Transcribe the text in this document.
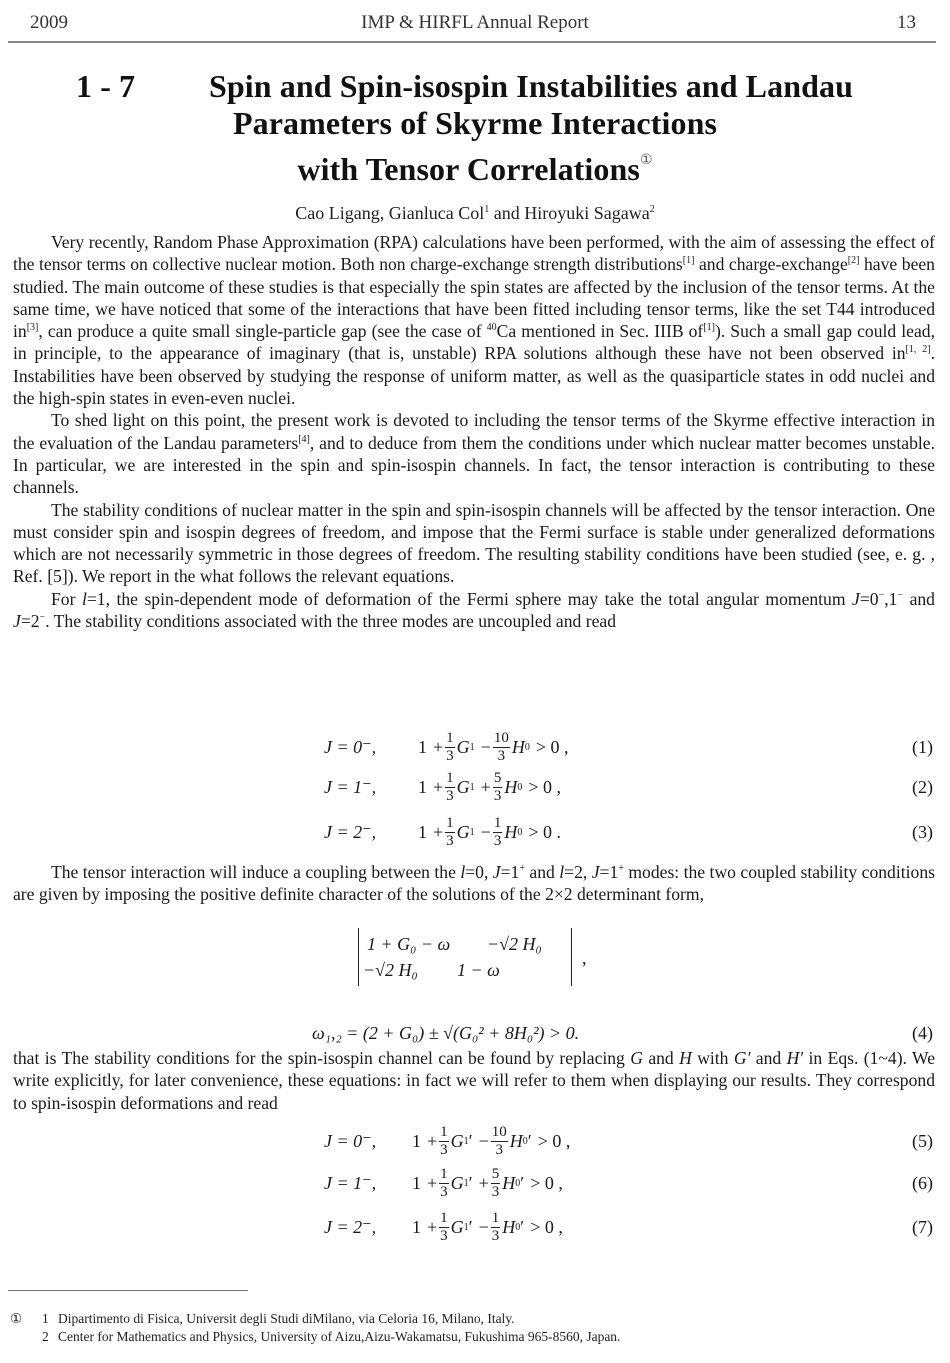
2009	IMP & HIRFL Annual Report	13
1 - 7 Spin and Spin-isospin Instabilities and Landau
Parameters of Skyrme Interactions
with Tensor Correlations①
Cao Ligang, Gianluca Col$^1$ and Hiroyuki Sagawa$^2$

Very recently, Random Phase Approximation (RPA) calculations have been performed, with the aim of assessing the effect of the tensor terms on collective nuclear motion. Both non charge-exchange strength distributions[1] and charge-exchange[2] have been studied. The main outcome of these studies is that especially the spin states are affected by the inclusion of the tensor terms. At the same time, we have noticed that some of the interactions that have been fitted including tensor terms, like the set T44 introduced in[3], can produce a quite small single-particle gap (see the case of $^{40}$Ca mentioned in Sec. IIIB of[1]). Such a small gap could lead, in principle, to the appearance of imaginary (that is, unstable) RPA solutions although these have not been observed in[1, 2]. Instabilities have been observed by studying the response of uniform matter, as well as the quasiparticle states in odd nuclei and the high-spin states in even-even nuclei.

To shed light on this point, the present work is devoted to including the tensor terms of the Skyrme effective interaction in the evaluation of the Landau parameters[4], and to deduce from them the conditions under which nuclear matter becomes unstable. In particular, we are interested in the spin and spin-isospin channels. In fact, the tensor interaction is contributing to these channels.

The stability conditions of nuclear matter in the spin and spin-isospin channels will be affected by the tensor interaction. One must consider spin and isospin degrees of freedom, and impose that the Fermi surface is stable under generalized deformations which are not necessarily symmetric in those degrees of freedom. The resulting stability conditions have been studied (see, e. g. , Ref. [5]). We report in the what follows the relevant equations.

For l=1, the spin-dependent mode of deformation of the Fermi sphere may take the total angular momentum J=0−,1− and J=2−. The stability conditions associated with the three modes are uncoupled and read

J = 0⁻, $1 + \frac{1}{3}$ G $1 - \frac{10}{3}$ H 0 > 0 ,	(1)
J = 1⁻, $1 + \frac{1}{3}$ G $1 + \frac{5}{3}$ H 0 > 0 ,	(2)
J = 2⁻, $1 + \frac{1}{3}$ G $1 - \frac{1}{3}$ H 0 > 0 .	(3)

The tensor interaction will induce a coupling between the l=0, J=1+ and l=2, J=1+ modes: the two coupled stability conditions are given by imposing the positive definite character of the solutions of the 2×2 determinant form,

1 + G₀ − ω −√2 H₀
−√2 H₀ 1 − ω
,
ω₁,₂ = (2 + G₀) ± √(G₀² + 8H₀²) > 0.	(4)

that is The stability conditions for the spin-isospin channel can be found by replacing G and H with G′ and H′ in Eqs. (1~4). We write explicitly, for later convenience, these equations: in fact we will refer to them when displaying our results. They correspond to spin-isospin deformations and read

J = 0⁻, $1 + \frac{1}{3}$ G 1 ′ − $\frac{10}{3}$ H 0 ′ > 0 ,	(5)
J = 1⁻, $1 + \frac{1}{3}$ G 1 ′ + $\frac{5}{3}$ H 0 ′ > 0 ,	(6)
J = 2⁻, $1 + \frac{1}{3}$ G 1 ′ − $\frac{1}{3}$ H 0 ′ > 0 ,	(7)
① 1 Dipartimento di Fisica, Universit degli Studi diMilano, via Celoria 16, Milano, Italy.
2 Center for Mathematics and Physics, University of Aizu,Aizu-Wakamatsu, Fukushima 965-8560, Japan.
